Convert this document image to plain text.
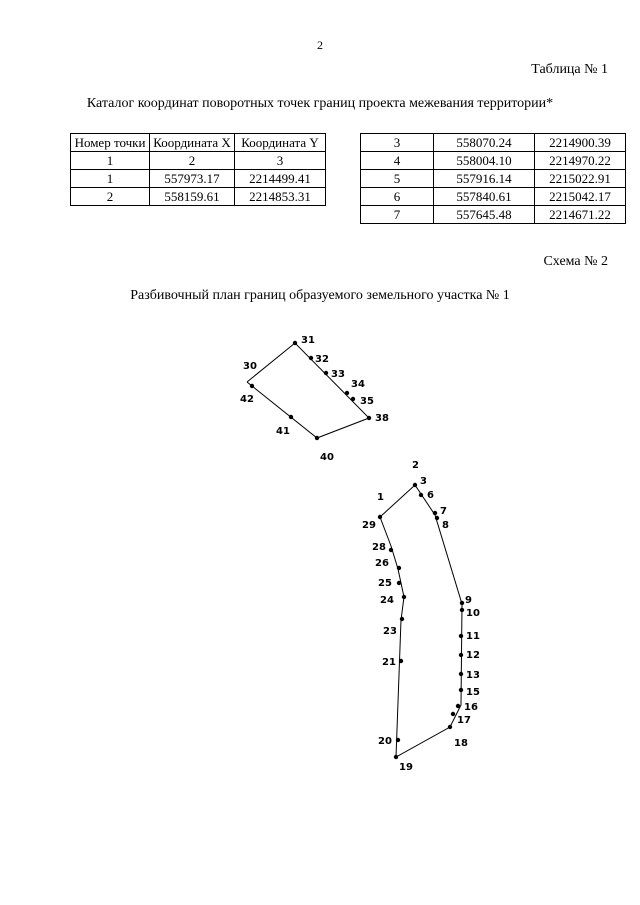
2
Таблица № 1
Каталог координат поворотных точек границ проекта межевания территории*
Номер точки	Координата X	Координата Y
1	2	3
1	557973.17	2214499.41
2	558159.61	2214853.31
3	558070.24	2214900.39
4	558004.10	2214970.22
5	557916.14	2215022.91
6	557840.61	2215042.17
7	557645.48	2214671.22
Схема № 2
Разбивочный план границ образуемого земельного участка № 1
30
31
32
33
34
35
38
40
41
42
1
2
3
6
7
8
9
10
11
12
13
15
16
17
18
19
20
21
23
24
25
26
28
29
